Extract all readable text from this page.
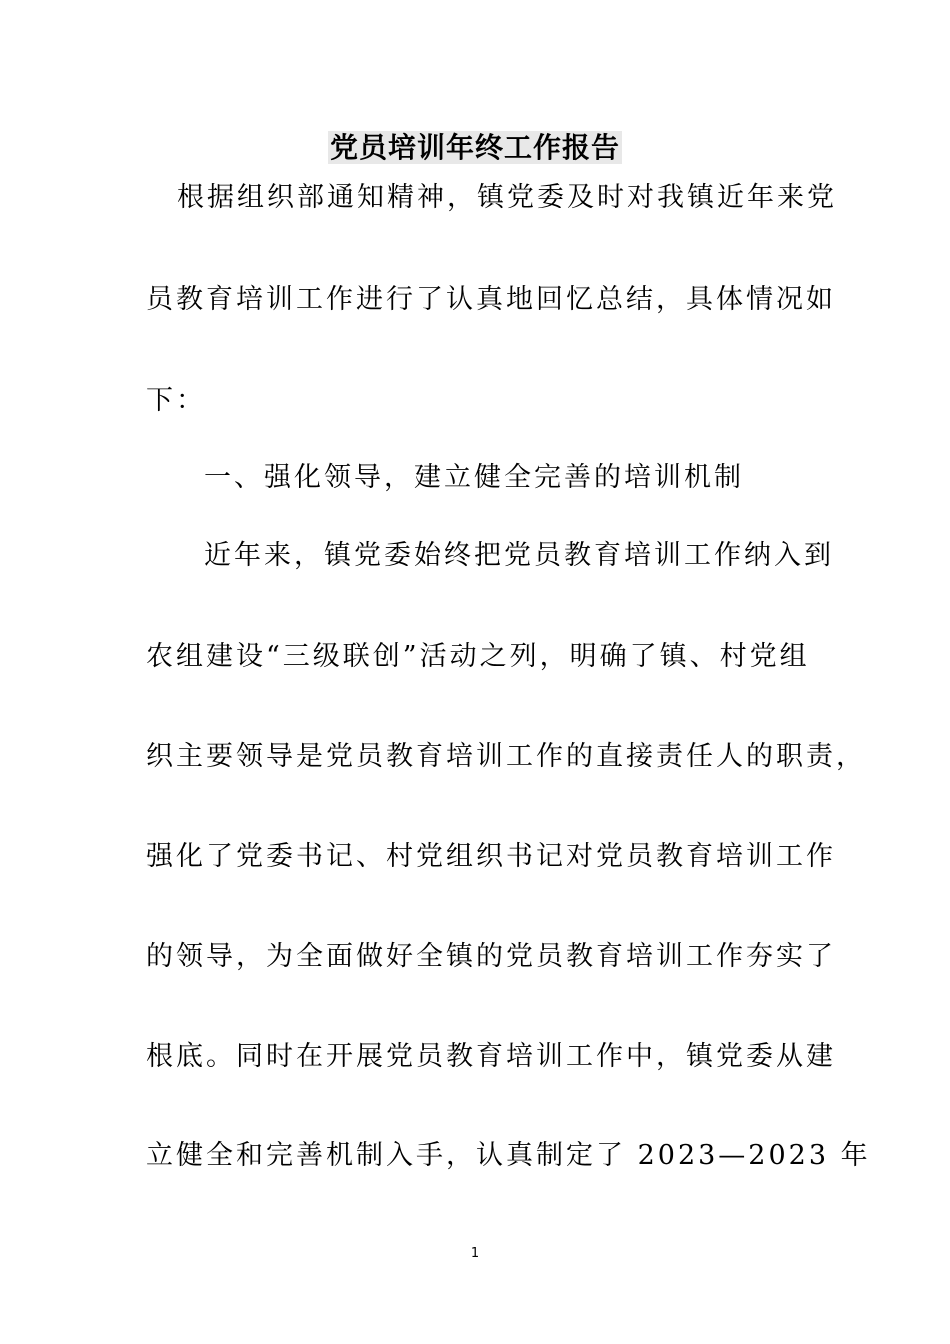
党员培训年终工作报告
根据组织部通知精神，镇党委及时对我镇近年来党
员教育培训工作进行了认真地回忆总结，具体情况如
下：
一、强化领导，建立健全完善的培训机制
近年来，镇党委始终把党员教育培训工作纳入到
农组建设“三级联创”活动之列，明确了镇、村党组
织主要领导是党员教育培训工作的直接责任人的职责，
强化了党委书记、村党组织书记对党员教育培训工作
的领导，为全面做好全镇的党员教育培训工作夯实了
根底。同时在开展党员教育培训工作中，镇党委从建
立健全和完善机制入手，认真制定了 2023—2023 年
1
